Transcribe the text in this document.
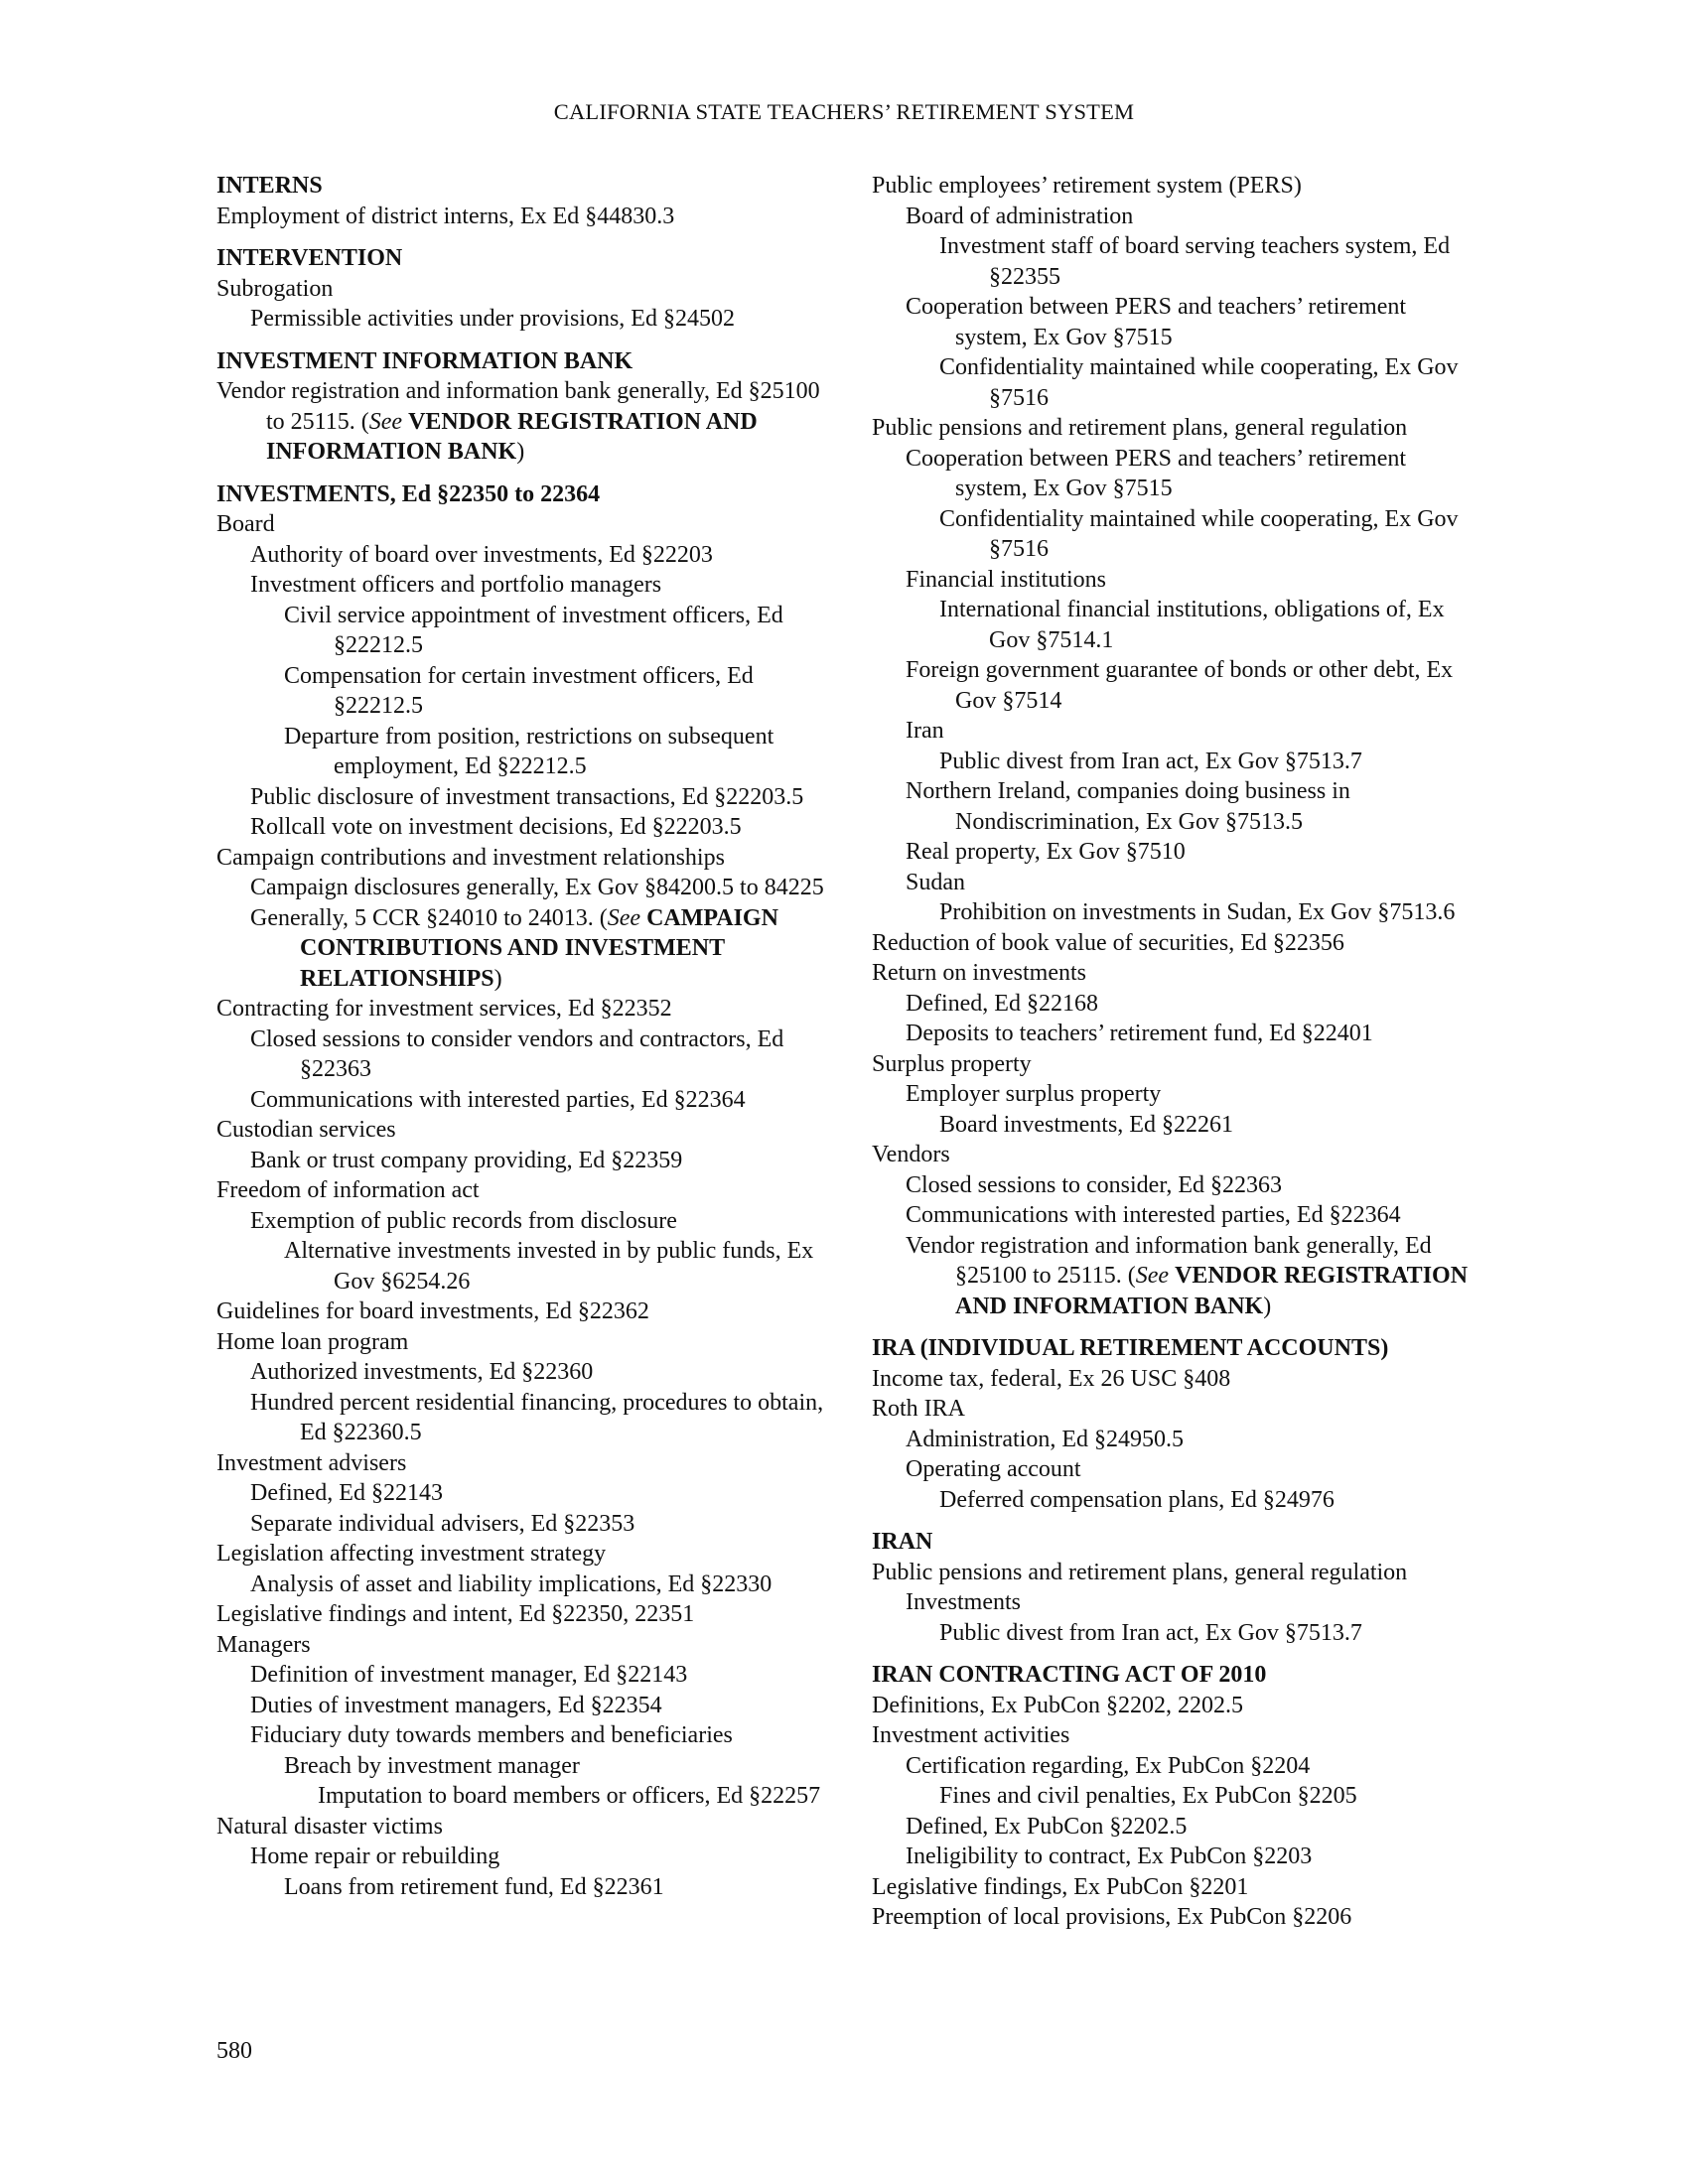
CALIFORNIA STATE TEACHERS’ RETIREMENT SYSTEM

INTERNS

Employment of district interns, Ex Ed §44830.3

INTERVENTION

Subrogation

Permissible activities under provisions, Ed §24502

INVESTMENT INFORMATION BANK

Vendor registration and information bank generally, Ed §25100 to 25115. (See VENDOR REGISTRATION AND INFORMATION BANK)

INVESTMENTS, Ed §22350 to 22364

Board

Authority of board over investments, Ed §22203

Investment officers and portfolio managers

Civil service appointment of investment officers, Ed §22212.5

Compensation for certain investment officers, Ed §22212.5

Departure from position, restrictions on subsequent employment, Ed §22212.5

Public disclosure of investment transactions, Ed §22203.5

Rollcall vote on investment decisions, Ed §22203.5

Campaign contributions and investment relationships

Campaign disclosures generally, Ex Gov §84200.5 to 84225

Generally, 5 CCR §24010 to 24013. (See CAMPAIGN CONTRIBUTIONS AND INVESTMENT RELATIONSHIPS)

Contracting for investment services, Ed §22352

Closed sessions to consider vendors and contractors, Ed §22363

Communications with interested parties, Ed §22364

Custodian services

Bank or trust company providing, Ed §22359

Freedom of information act

Exemption of public records from disclosure

Alternative investments invested in by public funds, Ex Gov §6254.26

Guidelines for board investments, Ed §22362

Home loan program

Authorized investments, Ed §22360

Hundred percent residential financing, procedures to obtain, Ed §22360.5

Investment advisers

Defined, Ed §22143

Separate individual advisers, Ed §22353

Legislation affecting investment strategy

Analysis of asset and liability implications, Ed §22330

Legislative findings and intent, Ed §22350, 22351

Managers

Definition of investment manager, Ed §22143

Duties of investment managers, Ed §22354

Fiduciary duty towards members and beneficiaries

Breach by investment manager

Imputation to board members or officers, Ed §22257

Natural disaster victims

Home repair or rebuilding

Loans from retirement fund, Ed §22361

Public employees’ retirement system (PERS)

Board of administration

Investment staff of board serving teachers system, Ed §22355

Cooperation between PERS and teachers’ retirement system, Ex Gov §7515

Confidentiality maintained while cooperating, Ex Gov §7516

Public pensions and retirement plans, general regulation

Cooperation between PERS and teachers’ retirement system, Ex Gov §7515

Confidentiality maintained while cooperating, Ex Gov §7516

Financial institutions

International financial institutions, obligations of, Ex Gov §7514.1

Foreign government guarantee of bonds or other debt, Ex Gov §7514

Iran

Public divest from Iran act, Ex Gov §7513.7

Northern Ireland, companies doing business in Nondiscrimination, Ex Gov §7513.5

Real property, Ex Gov §7510

Sudan

Prohibition on investments in Sudan, Ex Gov §7513.6

Reduction of book value of securities, Ed §22356

Return on investments

Defined, Ed §22168

Deposits to teachers’ retirement fund, Ed §22401

Surplus property

Employer surplus property

Board investments, Ed §22261

Vendors

Closed sessions to consider, Ed §22363

Communications with interested parties, Ed §22364

Vendor registration and information bank generally, Ed §25100 to 25115. (See VENDOR REGISTRATION AND INFORMATION BANK)

IRA (INDIVIDUAL RETIREMENT ACCOUNTS)

Income tax, federal, Ex 26 USC §408

Roth IRA

Administration, Ed §24950.5

Operating account

Deferred compensation plans, Ed §24976

IRAN

Public pensions and retirement plans, general regulation

Investments

Public divest from Iran act, Ex Gov §7513.7

IRAN CONTRACTING ACT OF 2010

Definitions, Ex PubCon §2202, 2202.5

Investment activities

Certification regarding, Ex PubCon §2204

Fines and civil penalties, Ex PubCon §2205

Defined, Ex PubCon §2202.5

Ineligibility to contract, Ex PubCon §2203

Legislative findings, Ex PubCon §2201

Preemption of local provisions, Ex PubCon §2206

580
